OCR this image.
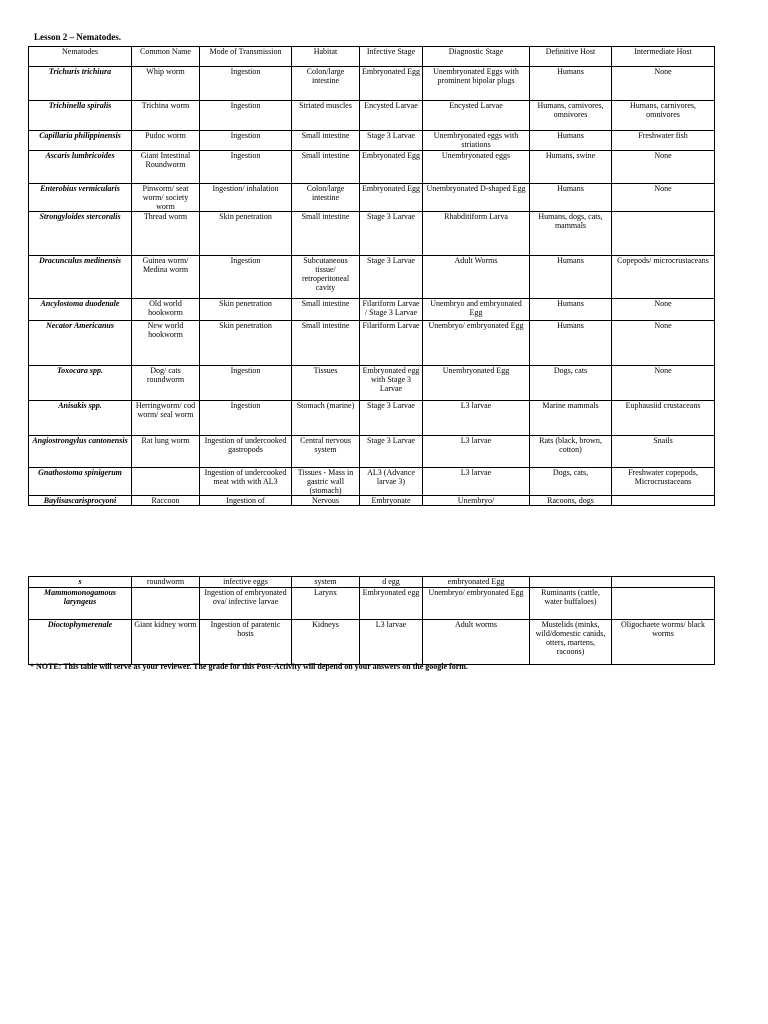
Lesson 2 – Nematodes.
Nematodes	Common Name	Mode of Transmission	Habitat	Infective Stage	Diagnostic Stage	Definitive Host	Intermediate Host
Trichuris trichiura	Whip worm	Ingestion	Colon/large intestine	Embryonated Egg	Unembryonated Eggs with prominent bipolar plugs	Humans	None
Trichinella spiralis	Trichina worm	Ingestion	Striated muscles	Encysted Larvae	Encysted Larvae	Humans, carnivores, omnivores	Humans, carnivores, omnivores
Capillaria philippinensis	Pudoc worm	Ingestion	Small intestine	Stage 3 Larvae	Unembryonated eggs with striations	Humans	Freshwater fish
Ascaris lumbricoides	Giant Intestinal Roundworm	Ingestion	Small intestine	Embryonated Egg	Unembryonated eggs	Humans, swine	None
Enterobius vermicularis	Pinworm/ seat worm/ society worm	Ingestion/ inhalation	Colon/large intestine	Embryonated Egg	Unembryonated D-shaped Egg	Humans	None
Strongyloides stercoralis	Thread worm	Skin penetration	Small intestine	Stage 3 Larvae	Rhabditiform Larva	Humans, dogs, cats, mammals	
Dracunculus medinensis	Guinea worm/ Medina worm	Ingestion	Subcutaneous tissue/ retroperitoneal cavity	Stage 3 Larvae	Adult Worms	Humans	Copepods/ microcrustaceans
Ancylostoma duodenale	Old world hookworm	Skin penetration	Small intestine	Filariform Larvae / Stage 3 Larvae	Unembryo and embryonated Egg	Humans	None
Necator Americanus	New world hookworm	Skin penetration	Small intestine	Filariform Larvae	Unembryo/ embryonated Egg	Humans	None
Toxocara spp.	Dog/ cats roundworm	Ingestion	Tissues	Embryonated egg with Stage 3 Larvae	Unembryonated Egg	Dogs, cats	None
Anisakis spp.	Herringworm/ cod worm/ seal worm	Ingestion	Stomach (marine)	Stage 3 Larvae	L3 larvae	Marine mammals	Euphausiid crustaceans
Angiostrongylus cantonensis	Rat lung worm	Ingestion of undercooked gastropods	Central nervous system	Stage 3 Larvae	L3 larvae	Rats (black, brown, cotton)	Snails
Gnathostoma spinigerum		Ingestion of undercooked meat with with AL3	Tissues - Mass in gastric wall (stomach)	AL3 (Advance larvae 3)	L3 larvae	Dogs, cats,	Freshwater copepods, Microcrustaceans
Baylisascarisprocyoni	Raccoon	Ingestion of	Nervous	Embryonate	Unembryo/	Racoons, dogs	
s	roundworm	infective eggs	system	d egg	embryonated Egg		
Mammomonogamous laryngeus		Ingestion of embryonated ova/ infective larvae	Larynx	Embryonated egg	Unembryo/ embryonated Egg	Ruminants (cattle, water buffaloes)	
Dioctophymerenale	Giant kidney worm	Ingestion of paratenic hosts	Kidneys	L3 larvae	Adult worms	Mustelids (minks, wild/domestic canids, otters, martens, racoons)	Oligochaete worms/ black worms
* NOTE: This table will serve as your reviewer. The grade for this Post-Activity will depend on your answers on the google form.
